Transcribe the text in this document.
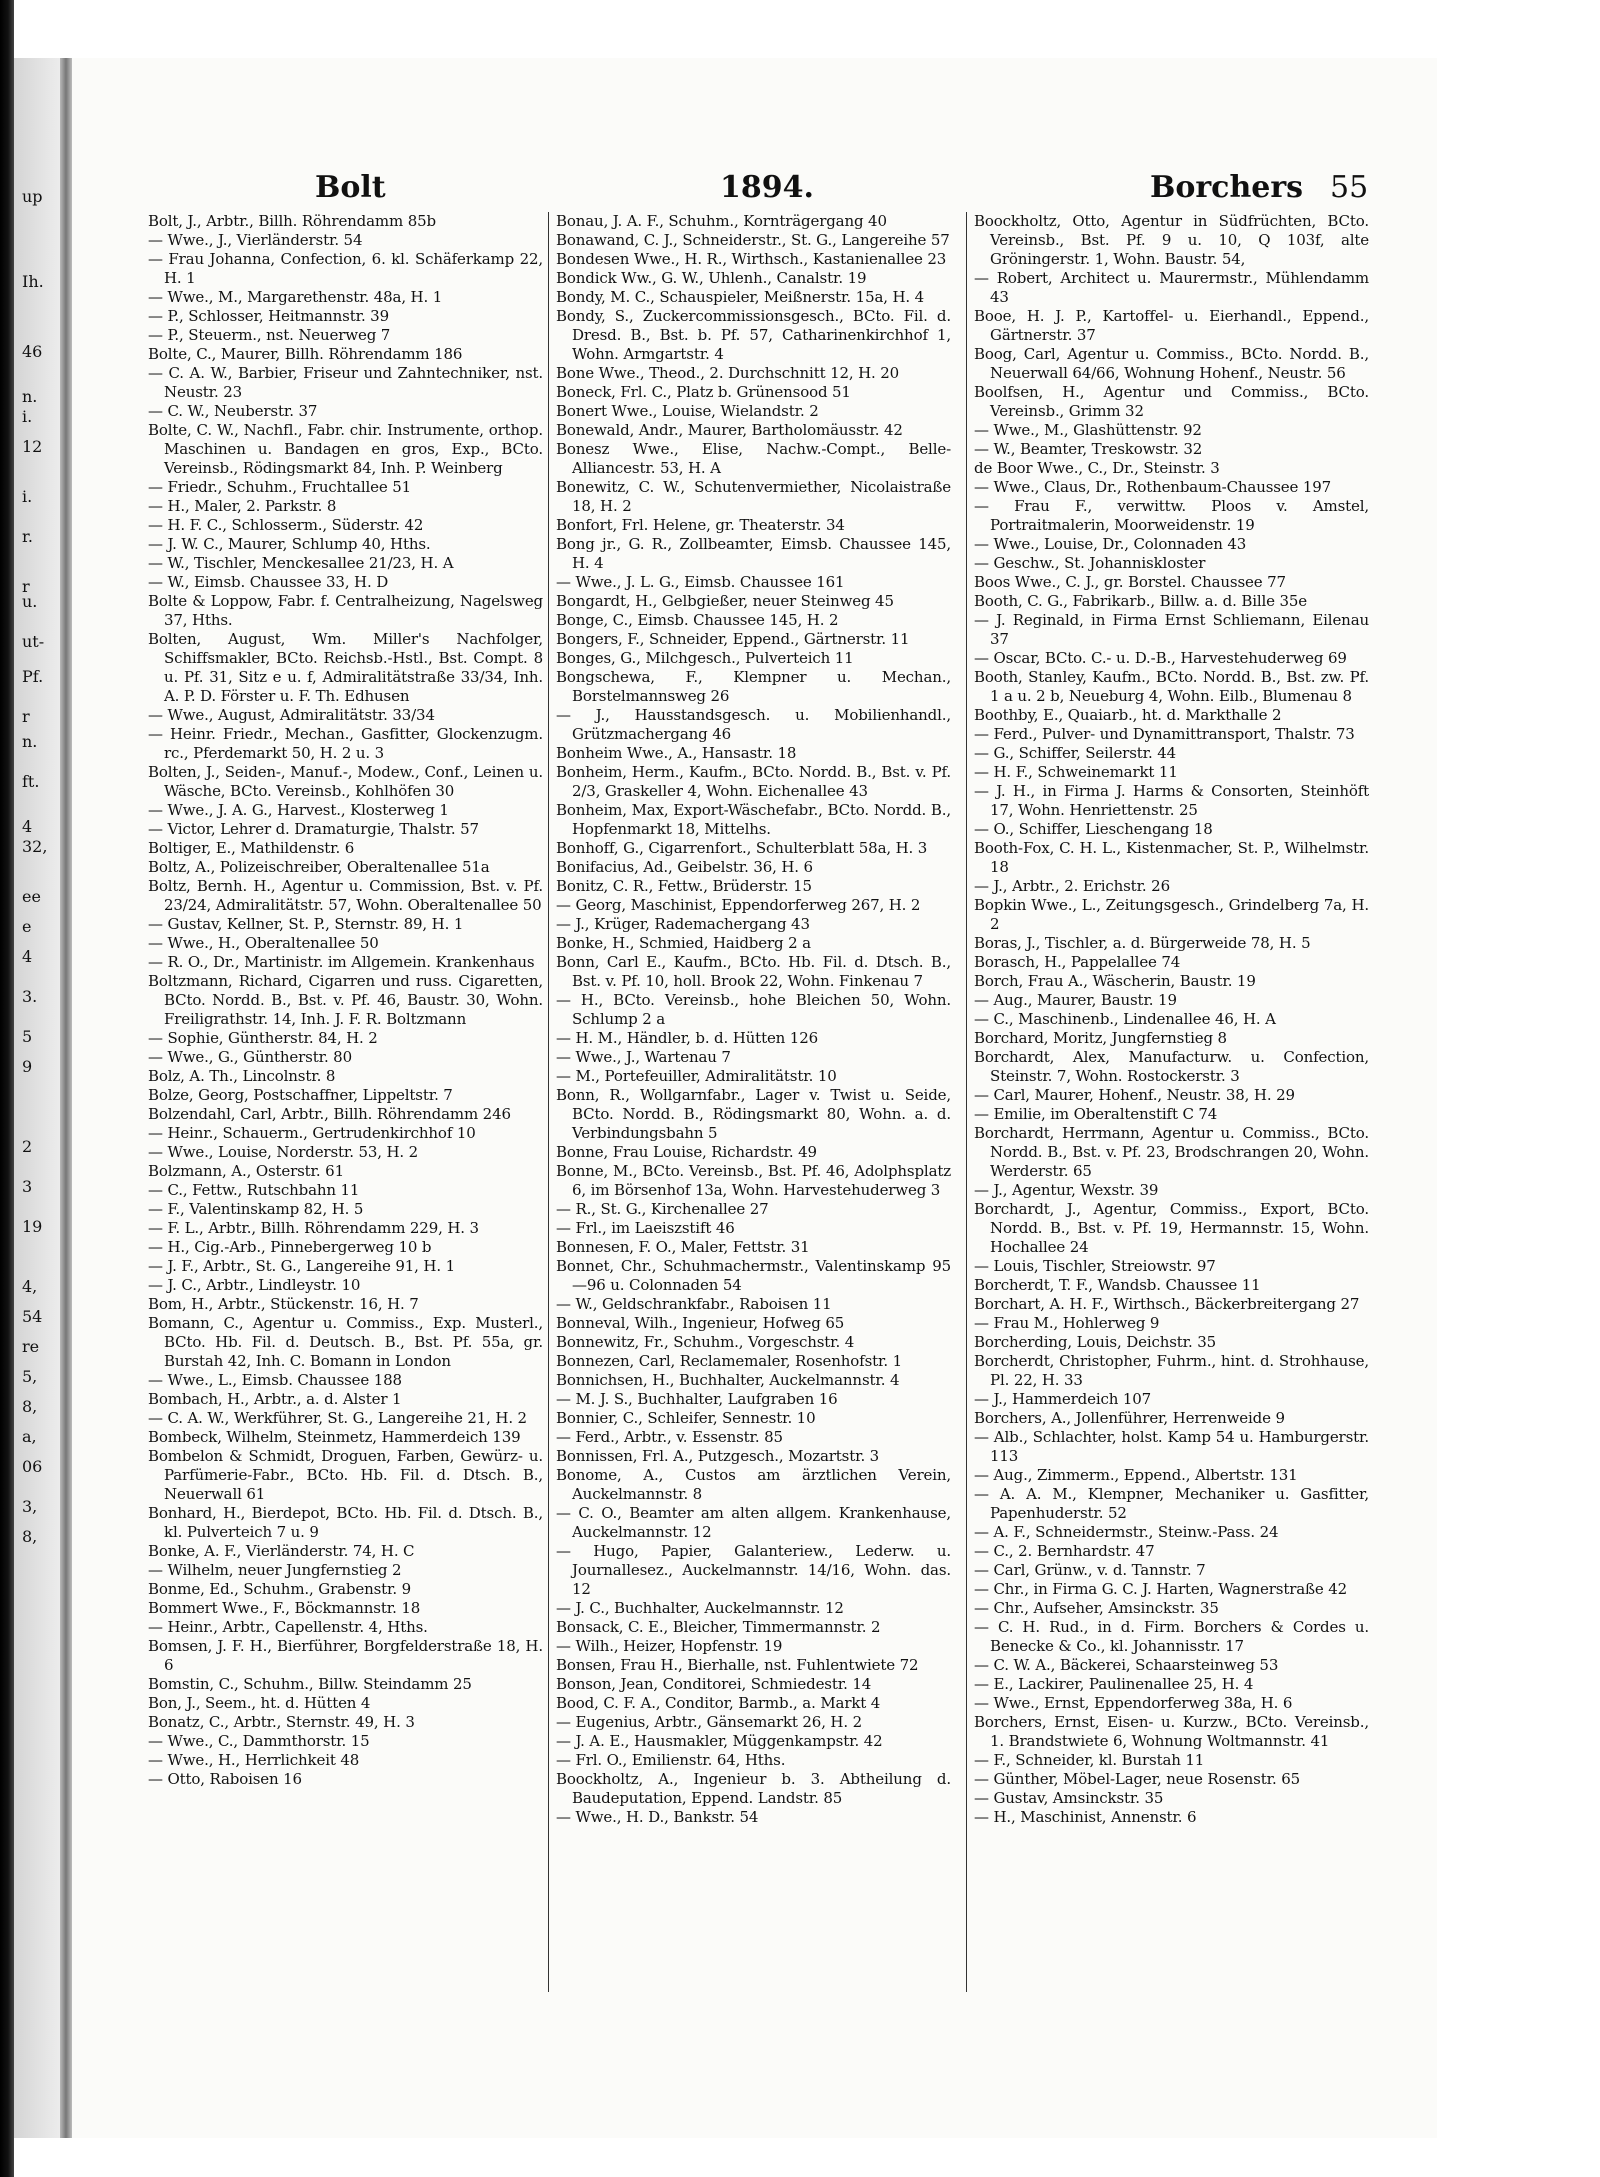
up
Ih.
46
n.
i.
12
i.
r.
r
u.
ut-
Pf.
r
n.
ft.
4
32,
ee
e
4
3.
5
9
2
3
19
4,
54
re
5,
8,
a,
06
3,
8,
Bolt	1894.	Borchers 55

Bolt, J., Arbtr., Billh. Röhrendamm 85b

— Wwe., J., Vierländerstr. 54

— Frau Johanna, Confection, 6. kl. Schäferkamp 22, H. 1

— Wwe., M., Margarethenstr. 48a, H. 1

— P., Schlosser, Heitmannstr. 39

— P., Steuerm., nst. Neuerweg 7

Bolte, C., Maurer, Billh. Röhrendamm 186

— C. A. W., Barbier, Friseur und Zahntechniker, nst. Neustr. 23

— C. W., Neuberstr. 37

Bolte, C. W., Nachfl., Fabr. chir. Instrumente, orthop. Maschinen u. Bandagen en gros, Exp., BCto. Vereinsb., Rödingsmarkt 84, Inh. P. Weinberg

— Friedr., Schuhm., Fruchtallee 51

— H., Maler, 2. Parkstr. 8

— H. F. C., Schlosserm., Süderstr. 42

— J. W. C., Maurer, Schlump 40, Hths.

— W., Tischler, Menckesallee 21/23, H. A

— W., Eimsb. Chaussee 33, H. D

Bolte & Loppow, Fabr. f. Centralheizung, Nagelsweg 37, Hths.

Bolten, August, Wm. Miller's Nachfolger, Schiffsmakler, BCto. Reichsb.-Hstl., Bst. Compt. 8 u. Pf. 31, Sitz e u. f, Admiralitätstraße 33/34, Inh. A. P. D. Förster u. F. Th. Edhusen

— Wwe., August, Admiralitätstr. 33/34

— Heinr. Friedr., Mechan., Gasfitter, Glockenzugm. rc., Pferdemarkt 50, H. 2 u. 3

Bolten, J., Seiden-, Manuf.-, Modew., Conf., Leinen u. Wäsche, BCto. Vereinsb., Kohlhöfen 30

— Wwe., J. A. G., Harvest., Klosterweg 1

— Victor, Lehrer d. Dramaturgie, Thalstr. 57

Boltiger, E., Mathildenstr. 6

Boltz, A., Polizeischreiber, Oberaltenallee 51a

Boltz, Bernh. H., Agentur u. Commission, Bst. v. Pf. 23/24, Admiralitätstr. 57, Wohn. Oberaltenallee 50

— Gustav, Kellner, St. P., Sternstr. 89, H. 1

— Wwe., H., Oberaltenallee 50

— R. O., Dr., Martinistr. im Allgemein. Krankenhaus

Boltzmann, Richard, Cigarren und russ. Cigaretten, BCto. Nordd. B., Bst. v. Pf. 46, Baustr. 30, Wohn. Freiligrathstr. 14, Inh. J. F. R. Boltzmann

— Sophie, Güntherstr. 84, H. 2

— Wwe., G., Güntherstr. 80

Bolz, A. Th., Lincolnstr. 8

Bolze, Georg, Postschaffner, Lippeltstr. 7

Bolzendahl, Carl, Arbtr., Billh. Röhrendamm 246

— Heinr., Schauerm., Gertrudenkirchhof 10

— Wwe., Louise, Norderstr. 53, H. 2

Bolzmann, A., Osterstr. 61

— C., Fettw., Rutschbahn 11

— F., Valentinskamp 82, H. 5

— F. L., Arbtr., Billh. Röhrendamm 229, H. 3

— H., Cig.-Arb., Pinnebergerweg 10 b

— J. F., Arbtr., St. G., Langereihe 91, H. 1

— J. C., Arbtr., Lindleystr. 10

Bom, H., Arbtr., Stückenstr. 16, H. 7

Bomann, C., Agentur u. Commiss., Exp. Musterl., BCto. Hb. Fil. d. Deutsch. B., Bst. Pf. 55a, gr. Burstah 42, Inh. C. Bomann in London

— Wwe., L., Eimsb. Chaussee 188

Bombach, H., Arbtr., a. d. Alster 1

— C. A. W., Werkführer, St. G., Langereihe 21, H. 2

Bombeck, Wilhelm, Steinmetz, Hammerdeich 139

Bombelon & Schmidt, Droguen, Farben, Gewürz- u. Parfümerie-Fabr., BCto. Hb. Fil. d. Dtsch. B., Neuerwall 61

Bonhard, H., Bierdepot, BCto. Hb. Fil. d. Dtsch. B., kl. Pulverteich 7 u. 9

Bonke, A. F., Vierländerstr. 74, H. C

— Wilhelm, neuer Jungfernstieg 2

Bonme, Ed., Schuhm., Grabenstr. 9

Bommert Wwe., F., Böckmannstr. 18

— Heinr., Arbtr., Capellenstr. 4, Hths.

Bomsen, J. F. H., Bierführer, Borgfelderstraße 18, H. 6

Bomstin, C., Schuhm., Billw. Steindamm 25

Bon, J., Seem., ht. d. Hütten 4

Bonatz, C., Arbtr., Sternstr. 49, H. 3

— Wwe., C., Dammthorstr. 15

— Wwe., H., Herrlichkeit 48

— Otto, Raboisen 16

Bonau, J. A. F., Schuhm., Kornträgergang 40

Bonawand, C. J., Schneiderstr., St. G., Langereihe 57

Bondesen Wwe., H. R., Wirthsch., Kastanienallee 23

Bondick Ww., G. W., Uhlenh., Canalstr. 19

Bondy, M. C., Schauspieler, Meißnerstr. 15a, H. 4

Bondy, S., Zuckercommissionsgesch., BCto. Fil. d. Dresd. B., Bst. b. Pf. 57, Catharinenkirchhof 1, Wohn. Armgartstr. 4

Bone Wwe., Theod., 2. Durchschnitt 12, H. 20

Boneck, Frl. C., Platz b. Grünensood 51

Bonert Wwe., Louise, Wielandstr. 2

Bonewald, Andr., Maurer, Bartholomäusstr. 42

Bonesz Wwe., Elise, Nachw.-Compt., Belle-Alliancestr. 53, H. A

Bonewitz, C. W., Schutenvermiether, Nicolaistraße 18, H. 2

Bonfort, Frl. Helene, gr. Theaterstr. 34

Bong jr., G. R., Zollbeamter, Eimsb. Chaussee 145, H. 4

— Wwe., J. L. G., Eimsb. Chaussee 161

Bongardt, H., Gelbgießer, neuer Steinweg 45

Bonge, C., Eimsb. Chaussee 145, H. 2

Bongers, F., Schneider, Eppend., Gärtnerstr. 11

Bonges, G., Milchgesch., Pulverteich 11

Bongschewa, F., Klempner u. Mechan., Borstelmannsweg 26

— J., Hausstandsgesch. u. Mobilienhandl., Grützmachergang 46

Bonheim Wwe., A., Hansastr. 18

Bonheim, Herm., Kaufm., BCto. Nordd. B., Bst. v. Pf. 2/3, Graskeller 4, Wohn. Eichenallee 43

Bonheim, Max, Export-Wäschefabr., BCto. Nordd. B., Hopfenmarkt 18, Mittelhs.

Bonhoff, G., Cigarrenfort., Schulterblatt 58a, H. 3

Bonifacius, Ad., Geibelstr. 36, H. 6

Bonitz, C. R., Fettw., Brüderstr. 15

— Georg, Maschinist, Eppendorferweg 267, H. 2

— J., Krüger, Rademachergang 43

Bonke, H., Schmied, Haidberg 2 a

Bonn, Carl E., Kaufm., BCto. Hb. Fil. d. Dtsch. B., Bst. v. Pf. 10, holl. Brook 22, Wohn. Finkenau 7

— H., BCto. Vereinsb., hohe Bleichen 50, Wohn. Schlump 2 a

— H. M., Händler, b. d. Hütten 126

— Wwe., J., Wartenau 7

— M., Portefeuiller, Admiralitätstr. 10

Bonn, R., Wollgarnfabr., Lager v. Twist u. Seide, BCto. Nordd. B., Rödingsmarkt 80, Wohn. a. d. Verbindungsbahn 5

Bonne, Frau Louise, Richardstr. 49

Bonne, M., BCto. Vereinsb., Bst. Pf. 46, Adolphsplatz 6, im Börsenhof 13a, Wohn. Harvestehuderweg 3

— R., St. G., Kirchenallee 27

— Frl., im Laeiszstift 46

Bonnesen, F. O., Maler, Fettstr. 31

Bonnet, Chr., Schuhmachermstr., Valentinskamp 95—96 u. Colonnaden 54

— W., Geldschrankfabr., Raboisen 11

Bonneval, Wilh., Ingenieur, Hofweg 65

Bonnewitz, Fr., Schuhm., Vorgeschstr. 4

Bonnezen, Carl, Reclamemaler, Rosenhofstr. 1

Bonnichsen, H., Buchhalter, Auckelmannstr. 4

— M. J. S., Buchhalter, Laufgraben 16

Bonnier, C., Schleifer, Sennestr. 10

— Ferd., Arbtr., v. Essenstr. 85

Bonnissen, Frl. A., Putzgesch., Mozartstr. 3

Bonome, A., Custos am ärztlichen Verein, Auckelmannstr. 8

— C. O., Beamter am alten allgem. Krankenhause, Auckelmannstr. 12

— Hugo, Papier, Galanteriew., Lederw. u. Journallesez., Auckelmannstr. 14/16, Wohn. das. 12

— J. C., Buchhalter, Auckelmannstr. 12

Bonsack, C. E., Bleicher, Timmermannstr. 2

— Wilh., Heizer, Hopfenstr. 19

Bonsen, Frau H., Bierhalle, nst. Fuhlentwiete 72

Bonson, Jean, Conditorei, Schmiedestr. 14

Bood, C. F. A., Conditor, Barmb., a. Markt 4

— Eugenius, Arbtr., Gänsemarkt 26, H. 2

— J. A. E., Hausmakler, Müggenkampstr. 42

— Frl. O., Emilienstr. 64, Hths.

Boockholtz, A., Ingenieur b. 3. Abtheilung d. Baudeputation, Eppend. Landstr. 85

— Wwe., H. D., Bankstr. 54

Boockholtz, Otto, Agentur in Südfrüchten, BCto. Vereinsb., Bst. Pf. 9 u. 10, Q 103f, alte Gröningerstr. 1, Wohn. Baustr. 54,

— Robert, Architect u. Maurermstr., Mühlendamm 43

Booe, H. J. P., Kartoffel- u. Eierhandl., Eppend., Gärtnerstr. 37

Boog, Carl, Agentur u. Commiss., BCto. Nordd. B., Neuerwall 64/66, Wohnung Hohenf., Neustr. 56

Boolfsen, H., Agentur und Commiss., BCto. Vereinsb., Grimm 32

— Wwe., M., Glashüttenstr. 92

— W., Beamter, Treskowstr. 32

de Boor Wwe., C., Dr., Steinstr. 3

— Wwe., Claus, Dr., Rothenbaum-Chaussee 197

— Frau F., verwittw. Ploos v. Amstel, Portraitmalerin, Moorweidenstr. 19

— Wwe., Louise, Dr., Colonnaden 43

— Geschw., St. Johanniskloster

Boos Wwe., C. J., gr. Borstel. Chaussee 77

Booth, C. G., Fabrikarb., Billw. a. d. Bille 35e

— J. Reginald, in Firma Ernst Schliemann, Eilenau 37

— Oscar, BCto. C.- u. D.-B., Harvestehuderweg 69

Booth, Stanley, Kaufm., BCto. Nordd. B., Bst. zw. Pf. 1 a u. 2 b, Neueburg 4, Wohn. Eilb., Blumenau 8

Boothby, E., Quaiarb., ht. d. Markthalle 2

— Ferd., Pulver- und Dynamittransport, Thalstr. 73

— G., Schiffer, Seilerstr. 44

— H. F., Schweinemarkt 11

— J. H., in Firma J. Harms & Consorten, Steinhöft 17, Wohn. Henriettenstr. 25

— O., Schiffer, Lieschengang 18

Booth-Fox, C. H. L., Kistenmacher, St. P., Wilhelmstr. 18

— J., Arbtr., 2. Erichstr. 26

Bopkin Wwe., L., Zeitungsgesch., Grindelberg 7a, H. 2

Boras, J., Tischler, a. d. Bürgerweide 78, H. 5

Borasch, H., Pappelallee 74

Borch, Frau A., Wäscherin, Baustr. 19

— Aug., Maurer, Baustr. 19

— C., Maschinenb., Lindenallee 46, H. A

Borchard, Moritz, Jungfernstieg 8

Borchardt, Alex, Manufacturw. u. Confection, Steinstr. 7, Wohn. Rostockerstr. 3

— Carl, Maurer, Hohenf., Neustr. 38, H. 29

— Emilie, im Oberaltenstift C 74

Borchardt, Herrmann, Agentur u. Commiss., BCto. Nordd. B., Bst. v. Pf. 23, Brodschrangen 20, Wohn. Werderstr. 65

— J., Agentur, Wexstr. 39

Borchardt, J., Agentur, Commiss., Export, BCto. Nordd. B., Bst. v. Pf. 19, Hermannstr. 15, Wohn. Hochallee 24

— Louis, Tischler, Streiowstr. 97

Borcherdt, T. F., Wandsb. Chaussee 11

Borchart, A. H. F., Wirthsch., Bäckerbreitergang 27

— Frau M., Hohlerweg 9

Borcherding, Louis, Deichstr. 35

Borcherdt, Christopher, Fuhrm., hint. d. Strohhause, Pl. 22, H. 33

— J., Hammerdeich 107

Borchers, A., Jollenführer, Herrenweide 9

— Alb., Schlachter, holst. Kamp 54 u. Hamburgerstr. 113

— Aug., Zimmerm., Eppend., Albertstr. 131

— A. A. M., Klempner, Mechaniker u. Gasfitter, Papenhuderstr. 52

— A. F., Schneidermstr., Steinw.-Pass. 24

— C., 2. Bernhardstr. 47

— Carl, Grünw., v. d. Tannstr. 7

— Chr., in Firma G. C. J. Harten, Wagnerstraße 42

— Chr., Aufseher, Amsinckstr. 35

— C. H. Rud., in d. Firm. Borchers & Cordes u. Benecke & Co., kl. Johannisstr. 17

— C. W. A., Bäckerei, Schaarsteinweg 53

— E., Lackirer, Paulinenallee 25, H. 4

— Wwe., Ernst, Eppendorferweg 38a, H. 6

Borchers, Ernst, Eisen- u. Kurzw., BCto. Vereinsb., 1. Brandstwiete 6, Wohnung Woltmannstr. 41

— F., Schneider, kl. Burstah 11

— Günther, Möbel-Lager, neue Rosenstr. 65

— Gustav, Amsinckstr. 35

— H., Maschinist, Annenstr. 6
